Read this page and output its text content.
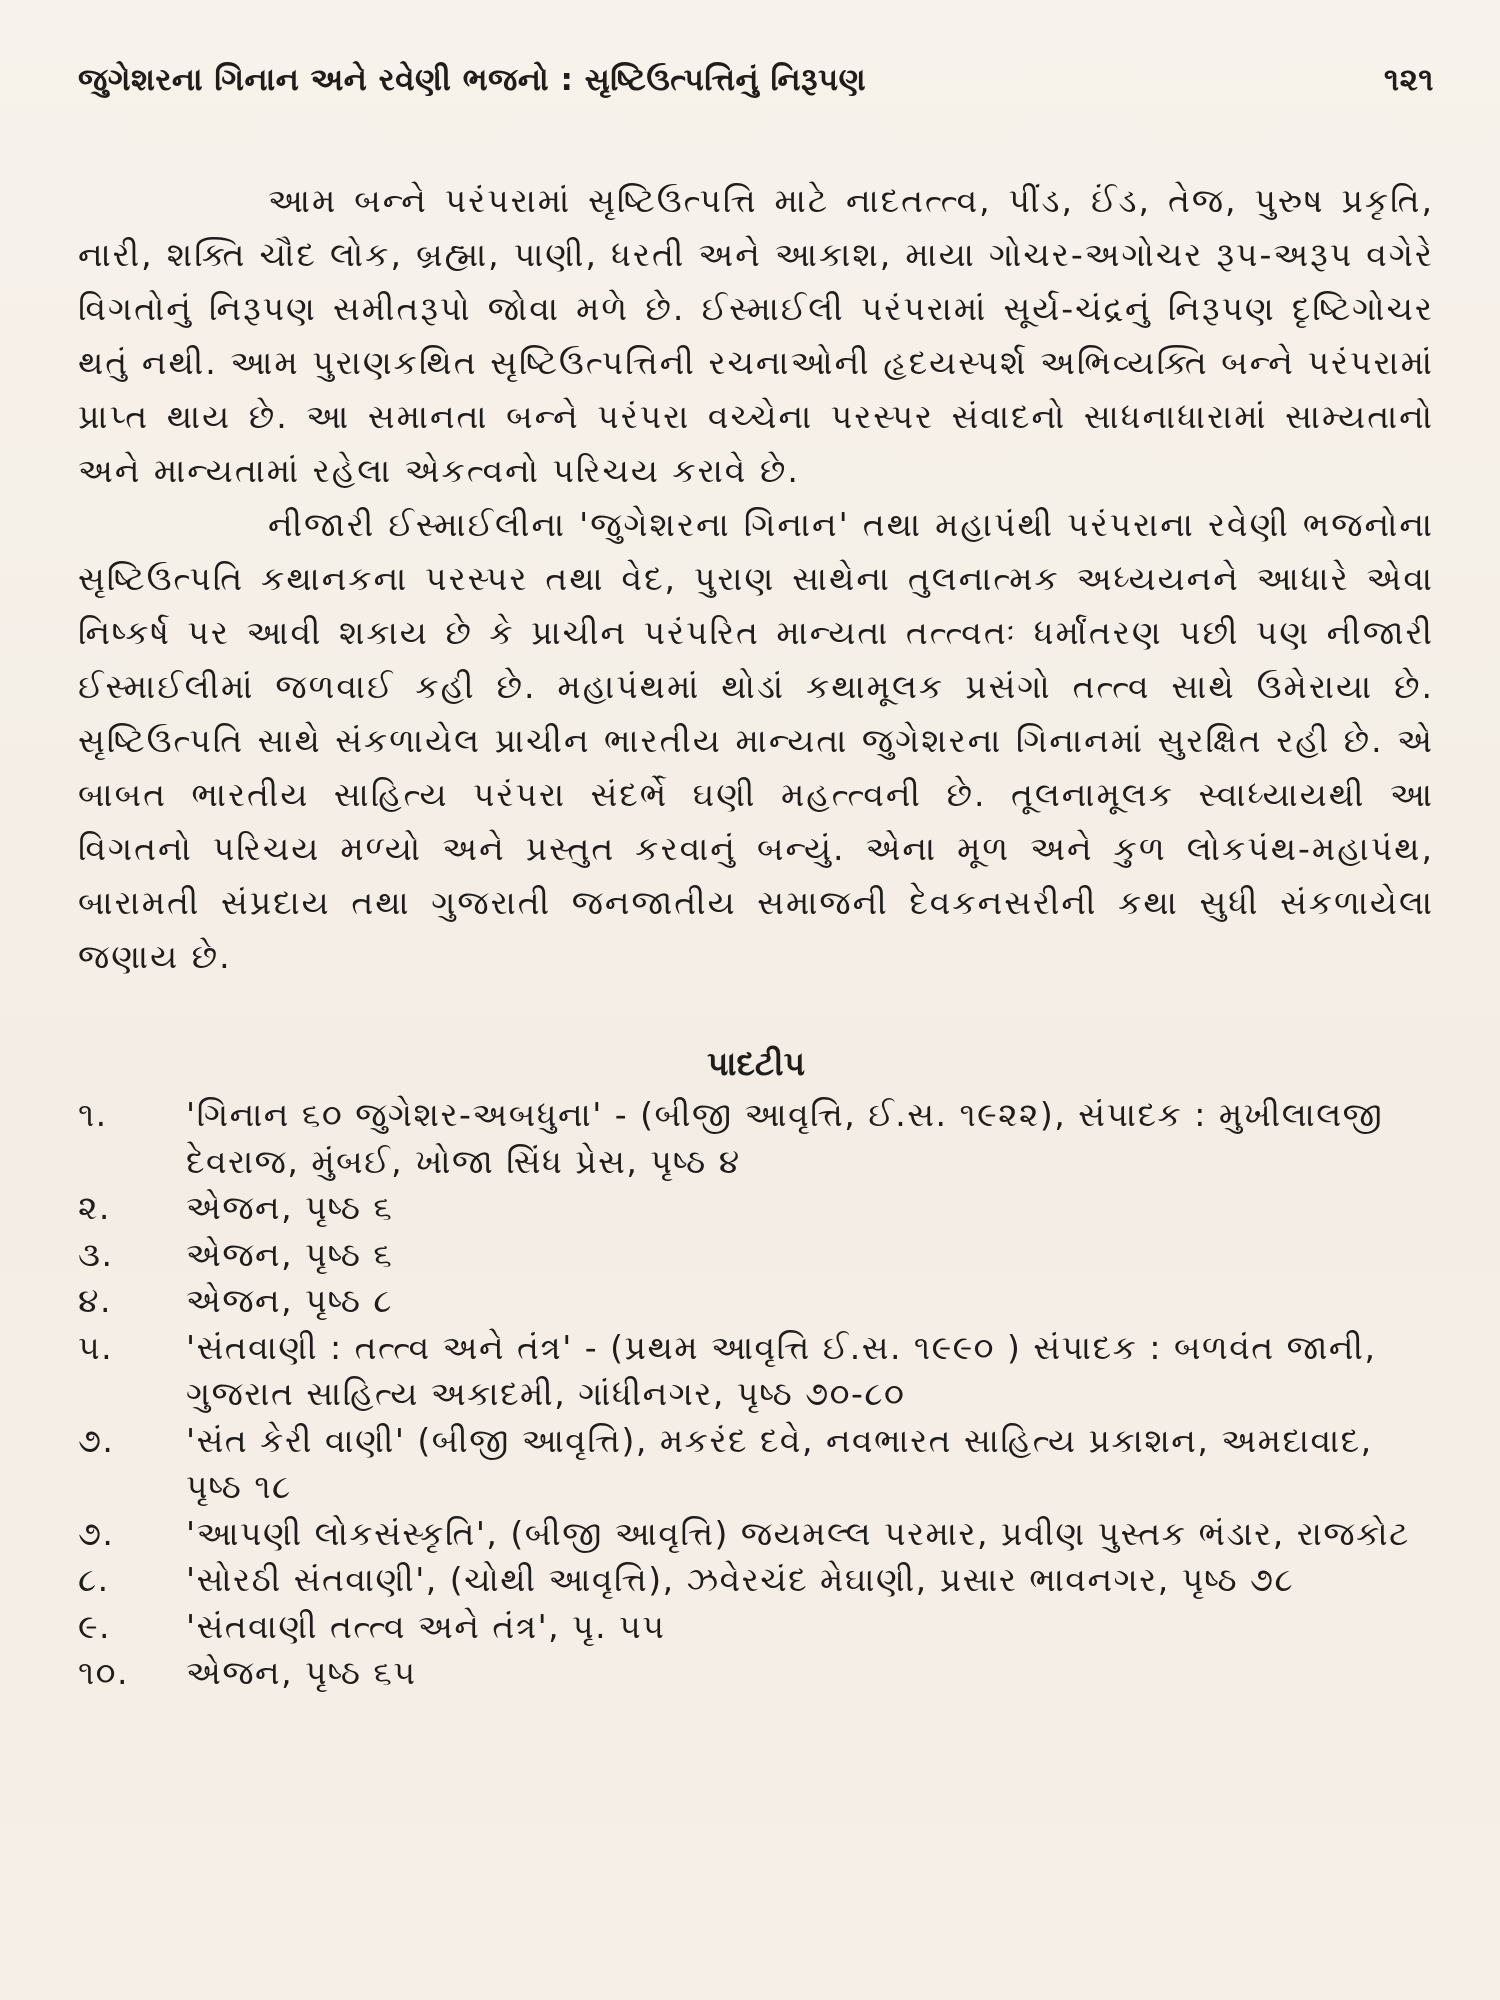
જુગેશરના ગિનાન અને રવેણી ભજનો : સૃષ્ટિઉત્પત્તિનું નિરૂપણ	૧૨૧

આમ બન્ને પરંપરામાં સૃષ્ટિઉત્પત્તિ માટે નાદતત્ત્વ, પીંડ, ઈંડ, તેજ, પુરુષ પ્રકૃતિ, નારી, શક્તિ ચૌદ લોક, બ્રહ્મા, પાણી, ધરતી અને આકાશ, માયા ગોચર-અગોચર રૂપ-અરૂપ વગેરે વિગતોનું નિરૂપણ સમીતરૂપો જોવા મળે છે. ઈસ્માઈલી પરંપરામાં સૂર્ય-ચંદ્રનું નિરૂપણ દૃષ્ટિગોચર થતું નથી. આમ પુરાણકથિત સૃષ્ટિઉત્પત્તિની રચનાઓની હૃદયસ્પર્શ અભિવ્યક્તિ બન્ને પરંપરામાં પ્રાપ્ત થાય છે. આ સમાનતા બન્ને પરંપરા વચ્ચેના પરસ્પર સંવાદનો સાધનાધારામાં સામ્યતાનો અને માન્યતામાં રહેલા એકત્વનો પરિચય કરાવે છે.

નીજારી ઈસ્માઈલીના 'જુગેશરના ગિનાન' તથા મહાપંથી પરંપરાના રવેણી ભજનોના સૃષ્ટિઉત્પતિ કથાનકના પરસ્પર તથા વેદ, પુરાણ સાથેના તુલનાત્મક અધ્યયનને આધારે એવા નિષ્કર્ષ પર આવી શકાય છે કે પ્રાચીન પરંપરિત માન્યતા તત્ત્વતઃ ધર્માંતરણ પછી પણ નીજારી ઈસ્માઈલીમાં જળવાઈ કહી છે. મહાપંથમાં થોડાં કથામૂલક પ્રસંગો તત્ત્વ સાથે ઉમેરાયા છે. સૃષ્ટિઉત્પતિ સાથે સંકળાયેલ પ્રાચીન ભારતીય માન્યતા જુગેશરના ગિનાનમાં સુરક્ષિત રહી છે. એ બાબત ભારતીય સાહિત્ય પરંપરા સંદર્ભે ઘણી મહત્ત્વની છે. તૂલનામૂલક સ્વાધ્યાયથી આ વિગતનો પરિચય મળ્યો અને પ્રસ્તુત કરવાનું બન્યું. એના મૂળ અને કુળ લોકપંથ-મહાપંથ, બારામતી સંપ્રદાય તથા ગુજરાતી જનજાતીય સમાજની દેવકનસરીની કથા સુધી સંકળાયેલા જણાય છે.

પાદટીપ
૧.	'ગિનાન ૬૦ જુગેશર-અબધુના' - (બીજી આવૃત્તિ, ઈ.સ. ૧૯૨૨), સંપાદક : મુખીલાલજી દેવરાજ, મુંબઈ, ખોજા સિંધ પ્રેસ, પૃષ્ઠ ૪
૨.	એજન, પૃષ્ઠ ૬
૩.	એજન, પૃષ્ઠ ૬
૪.	એજન, પૃષ્ઠ ૮
૫.	'સંતવાણી : તત્ત્વ અને તંત્ર' - (પ્રથમ આવૃત્તિ ઈ.સ. ૧૯૯૦ ) સંપાદક : બળવંત જાની, ગુજરાત સાહિત્ય અકાદમી, ગાંધીનગર, પૃષ્ઠ ૭૦-૮૦
૭.	'સંત કેરી વાણી' (બીજી આવૃત્તિ), મકરંદ દવે, નવભારત સાહિત્ય પ્રકાશન, અમદાવાદ, પૃષ્ઠ ૧૮
૭.	'આપણી લોકસંસ્કૃતિ', (બીજી આવૃત્તિ) જયમલ્લ પરમાર, પ્રવીણ પુસ્તક ભંડાર, રાજકોટ
૮.	'સોરઠી સંતવાણી', (ચોથી આવૃત્તિ), ઝવેરચંદ મેઘાણી, પ્રસાર ભાવનગર, પૃષ્ઠ ૭૮
૯.	'સંતવાણી તત્ત્વ અને તંત્ર', પૃ. ૫૫
૧૦.	એજન, પૃષ્ઠ ૬૫
